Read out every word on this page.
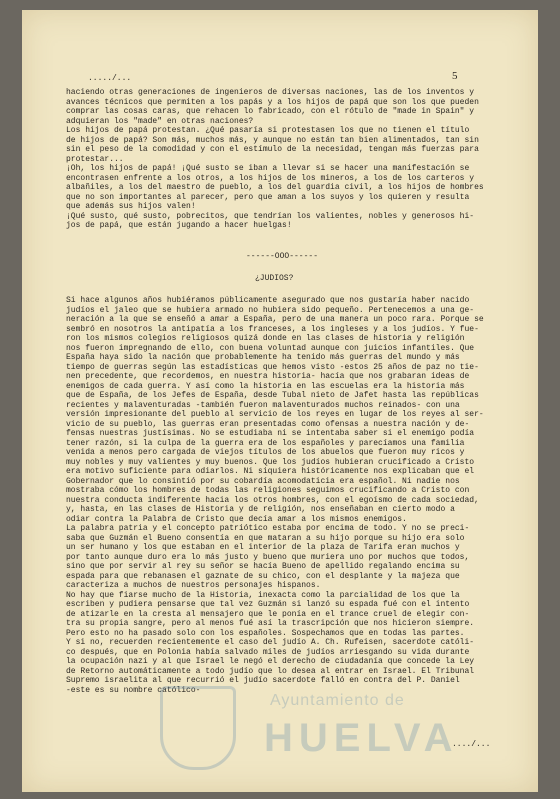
...../...	5
haciendo otras generaciones de ingenieros de diversas naciones, las de los inventos y
avances técnicos que permiten a los papás y a los hijos de papá que son los que pueden
comprar las cosas caras, que rehacen lo fabricado, con el rótulo de "made in Spain" y
adquieran los "made" en otras naciones?
Los hijos de papá protestan. ¿Qué pasaría si protestasen los que no tienen el título
de hijos de papá? Son más, muchos más, y aunque no están tan bien alimentados, tan sin
sin el peso de la comodidad y con el estímulo de la necesidad, tengan más fuerzas para
protestar...
¡Oh, los hijos de papá! ¡Qué susto se iban a llevar si se hacer una manifestación se
encontrasen enfrente a los otros, a los hijos de los mineros, a los de los carteros y
albañiles, a los del maestro de pueblo, a los del guardia civil, a los hijos de hombres
que no son importantes al parecer, pero que aman a los suyos y los quieren y resulta
que además sus hijos valen!
¡Qué susto, qué susto, pobrecitos, que tendrían los valientes, nobles y generosos hi-
jos de papá, que están jugando a hacer huelgas!
------OOO------
¿JUDIOS?
Si hace algunos años hubiéramos públicamente asegurado que nos gustaría haber nacido
judíos el jaleo que se hubiera armado no hubiera sido pequeño. Pertenecemos a una ge-
neración a la que se enseñó a amar a España, pero de una manera un poco rara. Porque se
sembró en nosotros la antipatía a los franceses, a los ingleses y a los judíos. Y fue-
ron los mismos colegios religiosos quizá donde en las clases de historia y religión
nos fueron impregnando de ello, con buena voluntad aunque con juicios infantiles. Que
España haya sido la nación que probablemente ha tenido más guerras del mundo y más
tiempo de guerras según las estadísticas que hemos visto -estos 25 años de paz no tie-
nen precedente, que recordemos, en nuestra historia- hacía que nos grabaran ideas de
enemigos de cada guerra. Y así como la historia en las escuelas era la historia más
que de España, de los Jefes de España, desde Tubal nieto de Jafet hasta las repúblicas
recientes y malaventuradas -también fueron malaventurados muchos reinados- con una
versión impresionante del pueblo al servicio de los reyes en lugar de los reyes al ser-
vicio de su pueblo, las guerras eran presentadas como ofensas a nuestra nación y de-
fensas nuestras justísimas. No se estudiaba ni se intentaba saber si el enemigo podía
tener razón, si la culpa de la guerra era de los españoles y parecíamos una familia
venida a menos pero cargada de viejos títulos de los abuelos que fueron muy ricos y
muy nobles y muy valientes y muy buenos. Que los judíos hubieran crucificado a Cristo
era motivo suficiente para odiarlos. Ni siquiera históricamente nos explicaban que el
Gobernador que lo consintió por su cobardía acomodaticia era español. Ni nadie nos
mostraba cómo los hombres de todas las religiones seguimos crucificando a Cristo con
nuestra conducta indiferente hacia los otros hombres, con el egoísmo de cada sociedad,
y, hasta, en las clases de Historia y de religión, nos enseñaban en cierto modo a
odiar contra la Palabra de Cristo que decía amar a los mismos enemigos.
La palabra patria y el concepto patriótico estaba por encima de todo. Y no se preci-
saba que Guzmán el Bueno consentía en que mataran a su hijo porque su hijo era solo
un ser humano y los que estaban en el interior de la plaza de Tarifa eran muchos y
por tanto aunque duro era lo más justo y bueno que muriera uno por muchos que todos,
sino que por servir al rey su señor se hacía Bueno de apellido regalando encima su
espada para que rebanasen el gaznate de su chico, con el desplante y la majeza que
caracteriza a muchos de nuestros personajes hispanos.
No hay que fiarse mucho de la Historia, inexacta como la parcialidad de los que la
escriben y pudiera pensarse que tal vez Guzmán si lanzó su espada fué con el intento
de atizarle en la cresta al mensajero que le ponía en el trance cruel de elegir con-
tra su propia sangre, pero al menos fué así la trascripción que nos hicieron siempre.
Pero esto no ha pasado solo con los españoles. Sospechamos que en todas las partes.
Y si no, recuerden recientemente el caso del judío A. Ch. Rufeisen, sacerdote católi-
co después, que en Polonia había salvado miles de judíos arriesgando su vida durante
la ocupación nazi y al que Israel le negó el derecho de ciudadanía que concede la Ley
de Retorno automáticamente a todo judío que lo desea al entrar en Israel. El Tribunal
Supremo israelita al que recurrió el judío sacerdote falló en contra del P. Daniel
-este es su nombre católico-
..../...
Ayuntamiento de
HUELVA
